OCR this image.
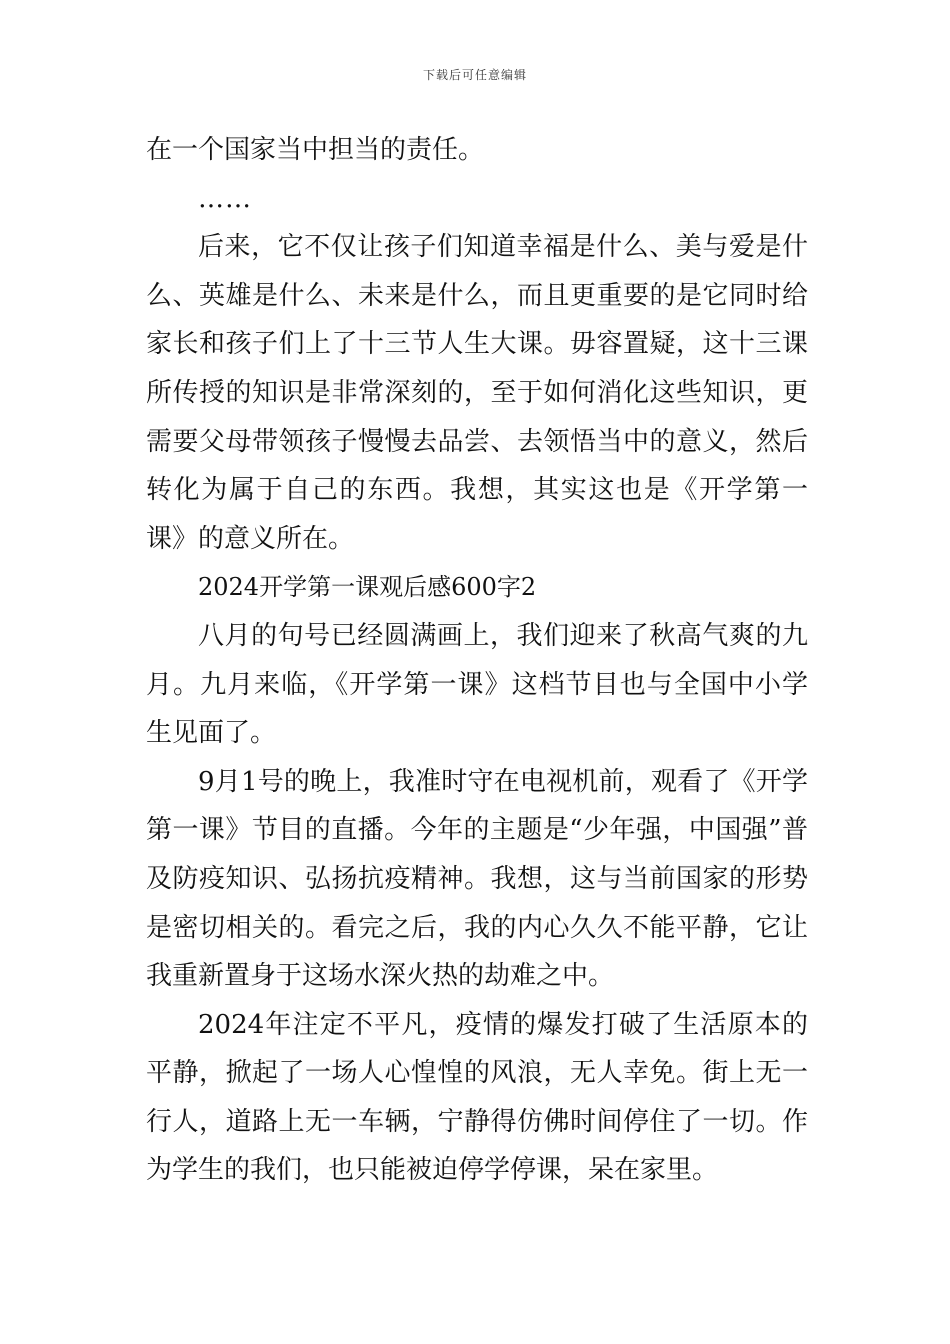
下载后可任意编辑

在一个国家当中担当的责任。

……

后来，它不仅让孩子们知道幸福是什么、美与爱是什么、英雄是什么、未来是什么，而且更重要的是它同时给家长和孩子们上了十三节人生大课。毋容置疑，这十三课所传授的知识是非常深刻的，至于如何消化这些知识，更需要父母带领孩子慢慢去品尝、去领悟当中的意义，然后转化为属于自己的东西。我想，其实这也是《开学第一课》的意义所在。

2024开学第一课观后感600字2

八月的句号已经圆满画上，我们迎来了秋高气爽的九月。九月来临，《开学第一课》这档节目也与全国中小学生见面了。

9月1号的晚上，我准时守在电视机前，观看了《开学第一课》节目的直播。今年的主题是“少年强，中国强”普及防疫知识、弘扬抗疫精神。我想，这与当前国家的形势是密切相关的。看完之后，我的内心久久不能平静，它让我重新置身于这场水深火热的劫难之中。

2024年注定不平凡，疫情的爆发打破了生活原本的平静，掀起了一场人心惶惶的风浪，无人幸免。街上无一行人，道路上无一车辆，宁静得仿佛时间停住了一切。作为学生的我们，也只能被迫停学停课，呆在家里。
